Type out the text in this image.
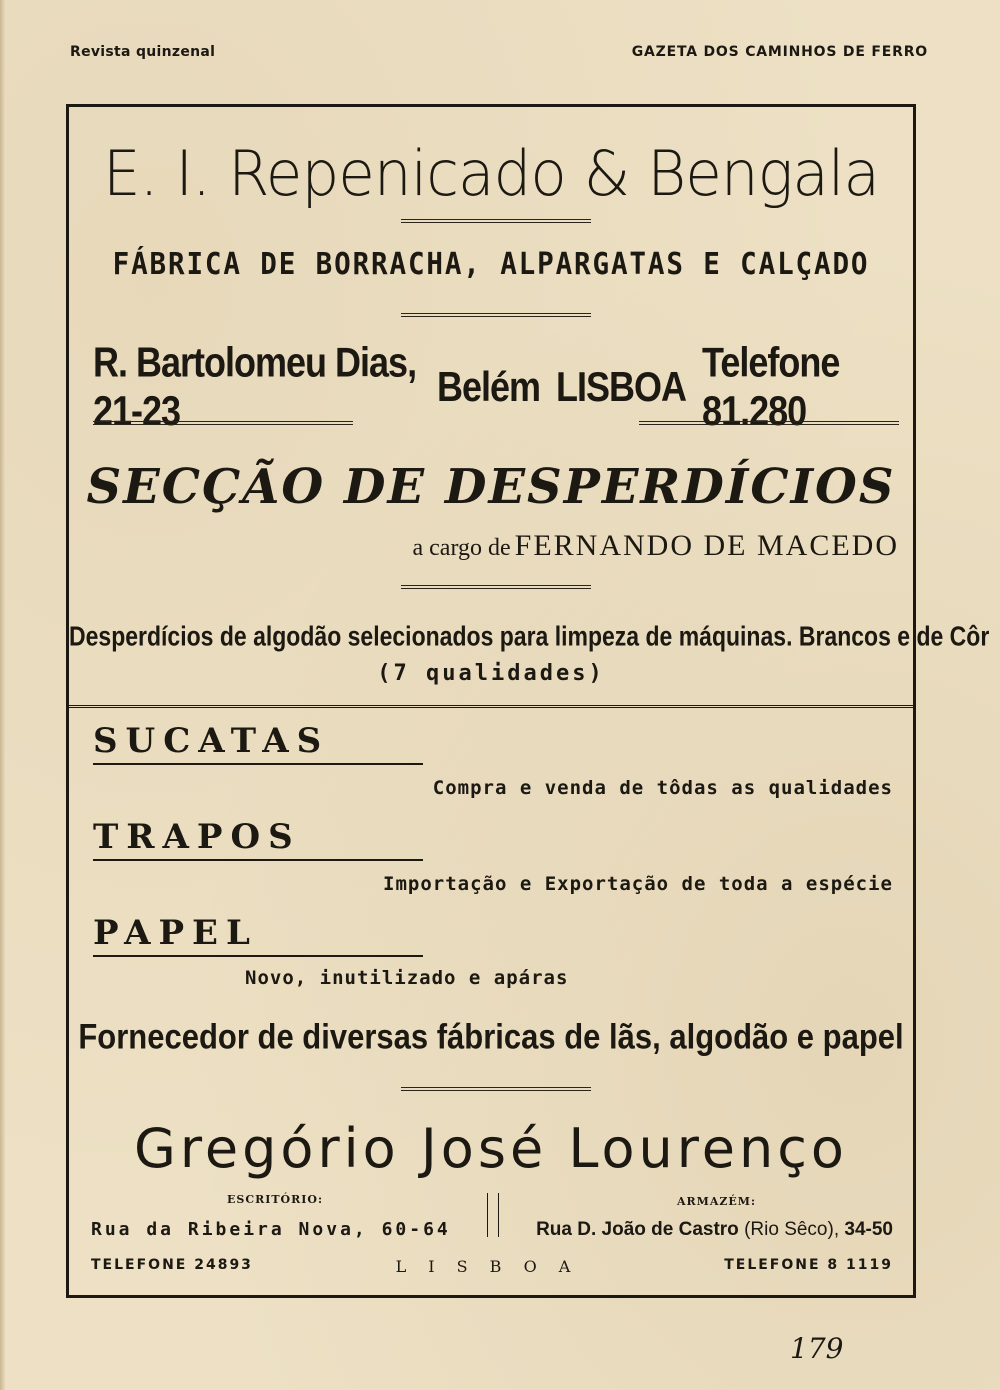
Revista quinzenal	GAZETA DOS CAMINHOS DE FERRO
E. I. Repenicado & Bengala
FÁBRICA DE BORRACHA, ALPARGATAS E CALÇADO
R. Bartolomeu Dias, 21-23
Belém LISBOA
Telefone 81.280
SECÇÃO DE DESPERDÍCIOS
a cargo de FERNANDO DE MACEDO
Desperdícios de algodão selecionados para limpeza de máquinas. Brancos e de Côr
(7 qualidades)
SUCATAS
Compra e venda de tôdas as qualidades
TRAPOS
Importação e Exportação de toda a espécie
PAPEL
Novo, inutilizado e apáras
Fornecedor de diversas fábricas de lãs, algodão e papel
Gregório José Lourenço
ESCRITÓRIO:	ARMAZÉM:
Rua da Ribeira Nova, 60-64	Rua D. João de Castro (Rio Sêco), 34-50
TELEFONE 24893	LISBOA	TELEFONE 8 1119
179
